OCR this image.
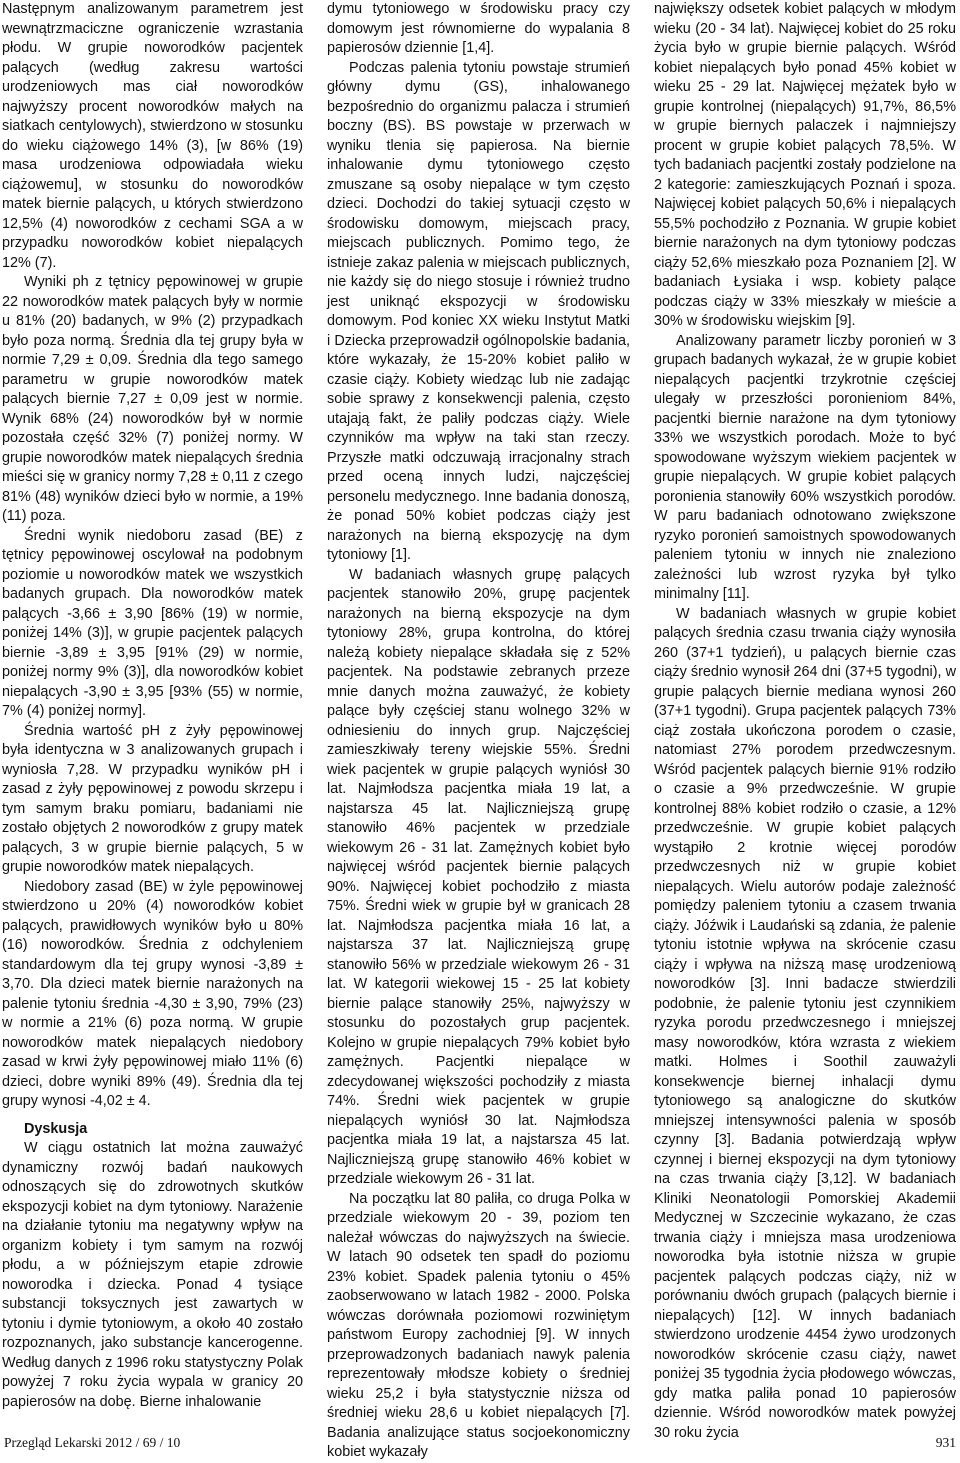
Następnym analizowanym parametrem jest wewnątrzmaciczne ograniczenie wzrastania płodu. W grupie noworodków pacjentek palących (według zakresu wartości urodzeniowych mas ciał noworodków najwyższy procent noworodków małych na siatkach centylowych), stwierdzono w stosunku do wieku ciążowego 14% (3), [w 86% (19) masa urodzeniowa odpowiadała wieku ciążowemu], w stosunku do noworodków matek biernie palących, u których stwierdzono 12,5% (4) noworodków z cechami SGA a w przypadku noworodków kobiet niepalących 12% (7).

Wyniki ph z tętnicy pępowinowej w grupie 22 noworodków matek palących były w normie u 81% (20) badanych, w 9% (2) przypadkach było poza normą. Średnia dla tej grupy była w normie 7,29 ± 0,09. Średnia dla tego samego parametru w grupie noworodków matek palących biernie 7,27 ± 0,09 jest w normie. Wynik 68% (24) noworodków był w normie pozostała część 32% (7) poniżej normy. W grupie noworodków matek niepalących średnia mieści się w granicy normy 7,28 ± 0,11 z czego 81% (48) wyników dzieci było w normie, a 19% (11) poza.

Średni wynik niedoboru zasad (BE) z tętnicy pępowinowej oscylował na podobnym poziomie u noworodków matek we wszystkich badanych grupach. Dla noworodków matek palących -3,66 ± 3,90 [86% (19) w normie, poniżej 14% (3)], w grupie pacjentek palących biernie -3,89 ± 3,95 [91% (29) w normie, poniżej normy 9% (3)], dla noworodków kobiet niepalących -3,90 ± 3,95 [93% (55) w normie, 7% (4) poniżej normy].

Średnia wartość pH z żyły pępowinowej była identyczna w 3 analizowanych grupach i wyniosła 7,28. W przypadku wyników pH i zasad z żyły pępowinowej z powodu skrzepu i tym samym braku pomiaru, badaniami nie zostało objętych 2 noworodków z grupy matek palących, 3 w grupie biernie palących, 5 w grupie noworodków matek niepalących.

Niedobory zasad (BE) w żyle pępowinowej stwierdzono u 20% (4) noworodków kobiet palących, prawidłowych wyników było u 80% (16) noworodków. Średnia z odchyleniem standardowym dla tej grupy wynosi -3,89 ± 3,70. Dla dzieci matek biernie narażonych na palenie tytoniu średnia -4,30 ± 3,90, 79% (23) w normie a 21% (6) poza normą. W grupie noworodków matek niepalących niedobory zasad w krwi żyły pępowinowej miało 11% (6) dzieci, dobre wyniki 89% (49). Średnia dla tej grupy wynosi -4,02 ± 4.

Dyskusja

W ciągu ostatnich lat można zauważyć dynamiczny rozwój badań naukowych odnoszących się do zdrowotnych skutków ekspozycji kobiet na dym tytoniowy. Narażenie na działanie tytoniu ma negatywny wpływ na organizm kobiety i tym samym na rozwój płodu, a w późniejszym etapie zdrowie noworodka i dziecka. Ponad 4 tysiące substancji toksycznych jest zawartych w tytoniu i dymie tytoniowym, a około 40 zostało rozpoznanych, jako substancje kancerogenne. Według danych z 1996 roku statystyczny Polak powyżej 7 roku życia wypala w granicy 20 papierosów na dobę. Bierne inhalowanie

dymu tytoniowego w środowisku pracy czy domowym jest równomierne do wypalania 8 papierosów dziennie [1,4].

Podczas palenia tytoniu powstaje strumień główny dymu (GS), inhalowanego bezpośrednio do organizmu palacza i strumień boczny (BS). BS powstaje w przerwach w wyniku tlenia się papierosa. Na biernie inhalowanie dymu tytoniowego często zmuszane są osoby niepalące w tym często dzieci. Dochodzi do takiej sytuacji często w środowisku domowym, miejscach pracy, miejscach publicznych. Pomimo tego, że istnieje zakaz palenia w miejscach publicznych, nie każdy się do niego stosuje i również trudno jest uniknąć ekspozycji w środowisku domowym. Pod koniec XX wieku Instytut Matki i Dziecka przeprowadził ogólnopolskie badania, które wykazały, że 15-20% kobiet paliło w czasie ciąży. Kobiety wiedząc lub nie zadając sobie sprawy z konsekwencji palenia, często utajają fakt, że paliły podczas ciąży. Wiele czynników ma wpływ na taki stan rzeczy. Przyszłe matki odczuwają irracjonalny strach przed oceną innych ludzi, najczęściej personelu medycznego. Inne badania donoszą, że ponad 50% kobiet podczas ciąży jest narażonych na bierną ekspozycję na dym tytoniowy [1].

W badaniach własnych grupę palących pacjentek stanowiło 20%, grupę pacjentek narażonych na bierną ekspozycje na dym tytoniowy 28%, grupa kontrolna, do której należą kobiety niepalące składała się z 52% pacjentek. Na podstawie zebranych przeze mnie danych można zauważyć, że kobiety palące były częściej stanu wolnego 32% w odniesieniu do innych grup. Najczęściej zamieszkiwały tereny wiejskie 55%. Średni wiek pacjentek w grupie palących wyniósł 30 lat. Najmłodsza pacjentka miała 19 lat, a najstarsza 45 lat. Najliczniejszą grupę stanowiło 46% pacjentek w przedziale wiekowym 26 - 31 lat. Zamężnych kobiet było najwięcej wśród pacjentek biernie palących 90%. Najwięcej kobiet pochodziło z miasta 75%. Średni wiek w grupie był w granicach 28 lat. Najmłodsza pacjentka miała 16 lat, a najstarsza 37 lat. Najliczniejszą grupę stanowiło 56% w przedziale wiekowym 26 - 31 lat. W kategorii wiekowej 15 - 25 lat kobiety biernie palące stanowiły 25%, najwyższy w stosunku do pozostałych grup pacjentek. Kolejno w grupie niepalących 79% kobiet było zamężnych. Pacjentki niepalące w zdecydowanej większości pochodziły z miasta 74%. Średni wiek pacjentek w grupie niepalących wyniósł 30 lat. Najmłodsza pacjentka miała 19 lat, a najstarsza 45 lat. Najliczniejszą grupę stanowiło 46% kobiet w przedziale wiekowym 26 - 31 lat.

Na początku lat 80 paliła, co druga Polka w przedziale wiekowym 20 - 39, poziom ten należał wówczas do najwyższych na świecie. W latach 90 odsetek ten spadł do poziomu 23% kobiet. Spadek palenia tytoniu o 45% zaobserwowano w latach 1982 - 2000. Polska wówczas dorównała poziomowi rozwiniętym państwom Europy zachodniej [9]. W innych przeprowadzonych badaniach nawyk palenia reprezentowały młodsze kobiety o średniej wieku 25,2 i była statystycznie niższa od średniej wieku 28,6 u kobiet niepalących [7]. Badania analizujące status socjoekonomiczny kobiet wykazały

największy odsetek kobiet palących w młodym wieku (20 - 34 lat). Najwięcej kobiet do 25 roku życia było w grupie biernie palących. Wśród kobiet niepalących było ponad 45% kobiet w wieku 25 - 29 lat. Najwięcej mężatek było w grupie kontrolnej (niepalących) 91,7%, 86,5% w grupie biernych palaczek i najmniejszy procent w grupie kobiet palących 78,5%. W tych badaniach pacjentki zostały podzielone na 2 kategorie: zamieszkujących Poznań i spoza. Najwięcej kobiet palących 50,6% i niepalących 55,5% pochodziło z Poznania. W grupie kobiet biernie narażonych na dym tytoniowy podczas ciąży 52,6% mieszkało poza Poznaniem [2]. W badaniach Łysiaka i wsp. kobiety palące podczas ciąży w 33% mieszkały w mieście a 30% w środowisku wiejskim [9].

Analizowany parametr liczby poronień w 3 grupach badanych wykazał, że w grupie kobiet niepalących pacjentki trzykrotnie częściej ulegały w przeszłości poronieniom 84%, pacjentki biernie narażone na dym tytoniowy 33% we wszystkich porodach. Może to być spowodowane wyższym wiekiem pacjentek w grupie niepalących. W grupie kobiet palących poronienia stanowiły 60% wszystkich porodów. W paru badaniach odnotowano zwiększone ryzyko poronień samoistnych spowodowanych paleniem tytoniu w innych nie znaleziono zależności lub wzrost ryzyka był tylko minimalny [11].

W badaniach własnych w grupie kobiet palących średnia czasu trwania ciąży wynosiła 260 (37+1 tydzień), u palących biernie czas ciąży średnio wynosił 264 dni (37+5 tygodni), w grupie palących biernie mediana wynosi 260 (37+1 tygodni). Grupa pacjentek palących 73% ciąż została ukończona porodem o czasie, natomiast 27% porodem przedwczesnym. Wśród pacjentek palących biernie 91% rodziło o czasie a 9% przedwcześnie. W grupie kontrolnej 88% kobiet rodziło o czasie, a 12% przedwcześnie. W grupie kobiet palących wystąpiło 2 krotnie więcej porodów przedwczesnych niż w grupie kobiet niepalących. Wielu autorów podaje zależność pomiędzy paleniem tytoniu a czasem trwania ciąży. Jóźwik i Laudański są zdania, że palenie tytoniu istotnie wpływa na skrócenie czasu ciąży i wpływa na niższą masę urodzeniową noworodków [3]. Inni badacze stwierdzili podobnie, że palenie tytoniu jest czynnikiem ryzyka porodu przedwczesnego i mniejszej masy noworodków, która wzrasta z wiekiem matki. Holmes i Soothil zauważyli konsekwencje biernej inhalacji dymu tytoniowego są analogiczne do skutków mniejszej intensywności palenia w sposób czynny [3]. Badania potwierdzają wpływ czynnej i biernej ekspozycji na dym tytoniowy na czas trwania ciąży [3,12]. W badaniach Kliniki Neonatologii Pomorskiej Akademii Medycznej w Szczecinie wykazano, że czas trwania ciąży i mniejsza masa urodzeniowa noworodka była istotnie niższa w grupie pacjentek palących podczas ciąży, niż w porównaniu dwóch grupach (palących biernie i niepalących) [12]. W innych badaniach stwierdzono urodzenie 4454 żywo urodzonych noworodków skrócenie czasu ciąży, nawet poniżej 35 tygodnia życia płodowego wówczas, gdy matka paliła ponad 10 papierosów dziennie. Wśród noworodków matek powyżej 30 roku życia

Przegląd Lekarski 2012 / 69 / 10	931
